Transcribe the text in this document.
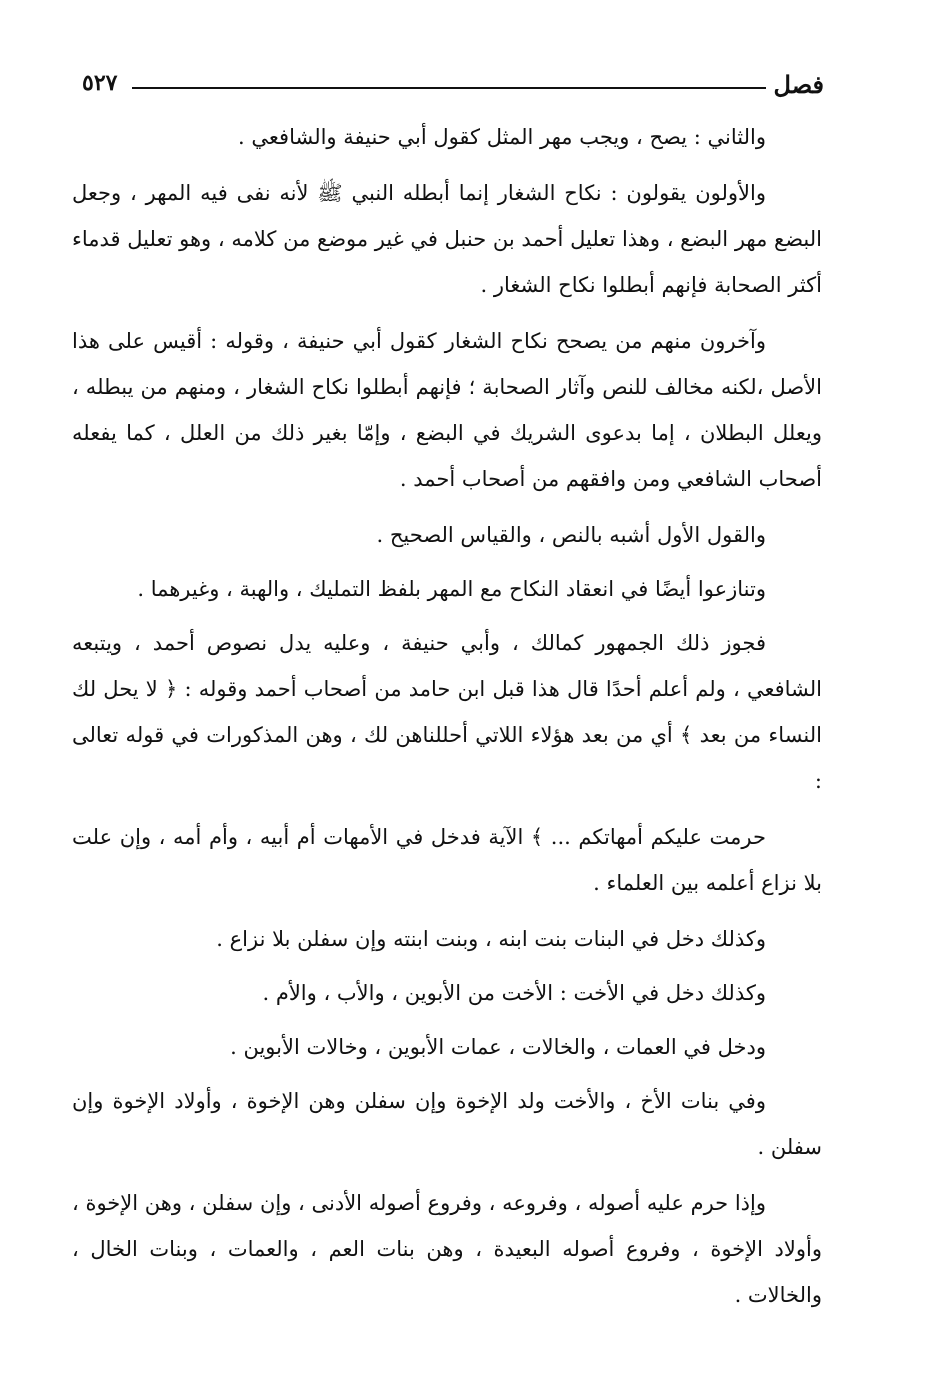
فصل
٥٢٧

والثاني : يصح ، ويجب مهر المثل كقول أبي حنيفة والشافعي .

والأولون يقولون : نكاح الشغار إنما أبطله النبي ﷺ لأنه نفى فيه المهر ، وجعل البضع مهر البضع ، وهذا تعليل أحمد بن حنبل في غير موضع من كلامه ، وهو تعليل قدماء أكثر الصحابة فإنهم أبطلوا نكاح الشغار .

وآخرون منهم من يصحح نكاح الشغار كقول أبي حنيفة ، وقوله : أقيس على هذا الأصل ،لكنه مخالف للنص وآثار الصحابة ؛ فإنهم أبطلوا نكاح الشغار ، ومنهم من يبطله ، ويعلل البطلان ، إما بدعوى الشريك في البضع ، وإمّا بغير ذلك من العلل ، كما يفعله أصحاب الشافعي ومن وافقهم من أصحاب أحمد .

والقول الأول أشبه بالنص ، والقياس الصحيح .

وتنازعوا أيضًا في انعقاد النكاح مع المهر بلفظ التمليك ، والهبة ، وغيرهما .

فجوز ذلك الجمهور كمالك ، وأبي حنيفة ، وعليه يدل نصوص أحمد ، ويتبعه الشافعي ، ولم أعلم أحدًا قال هذا قبل ابن حامد من أصحاب أحمد وقوله : ﴿ لا يحل لك النساء من بعد ﴾ أي من بعد هؤلاء اللاتي أحللناهن لك ، وهن المذكورات في قوله تعالى :

حرمت عليكم أمهاتكم ... ﴾ الآية فدخل في الأمهات أم أبيه ، وأم أمه ، وإن علت بلا نزاع أعلمه بين العلماء .

وكذلك دخل في البنات بنت ابنه ، وبنت ابنته وإن سفلن بلا نزاع .

وكذلك دخل في الأخت : الأخت من الأبوين ، والأب ، والأم .

ودخل في العمات ، والخالات ، عمات الأبوين ، وخالات الأبوين .

وفي بنات الأخ ، والأخت ولد الإخوة وإن سفلن وهن الإخوة ، وأولاد الإخوة وإن سفلن .

وإذا حرم عليه أصوله ، وفروعه ، وفروع أصوله الأدنى ، وإن سفلن ، وهن الإخوة ، وأولاد الإخوة ، وفروع أصوله البعيدة ، وهن بنات العم ، والعمات ، وبنات الخال ، والخالات .
